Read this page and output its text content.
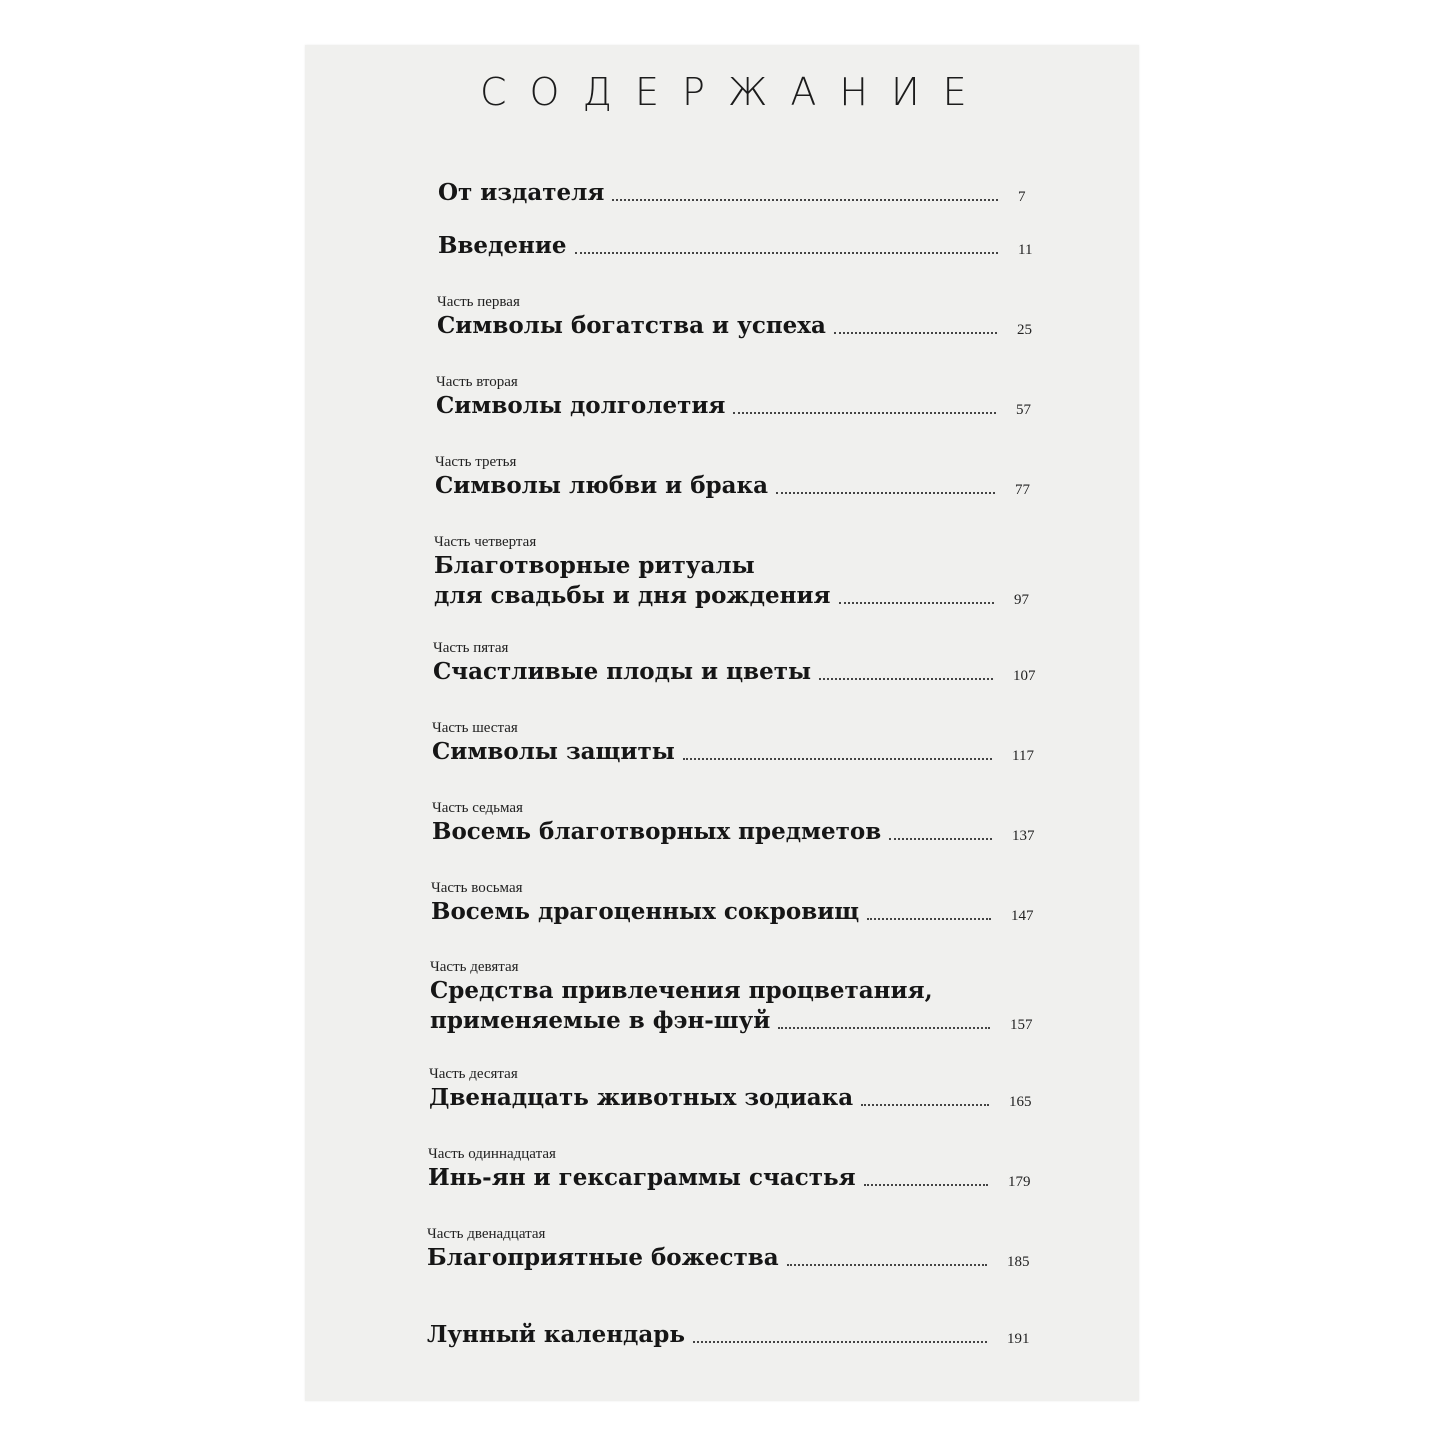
СОДЕРЖАНИЕ
От издателя	7
Введение	11
Часть первая
Символы богатства и успеха	25
Часть вторая
Символы долголетия	57
Часть третья
Символы любви и брака	77
Часть четвертая
Благотворные ритуалы
для свадьбы и дня рождения	97
Часть пятая
Счастливые плоды и цветы	107
Часть шестая
Символы защиты	117
Часть седьмая
Восемь благотворных предметов	137
Часть восьмая
Восемь драгоценных сокровищ	147
Часть девятая
Средства привлечения процветания,
применяемые в фэн-шуй	157
Часть десятая
Двенадцать животных зодиака	165
Часть одиннадцатая
Инь-ян и гексаграммы счастья	179
Часть двенадцатая
Благоприятные божества	185
Лунный календарь	191
